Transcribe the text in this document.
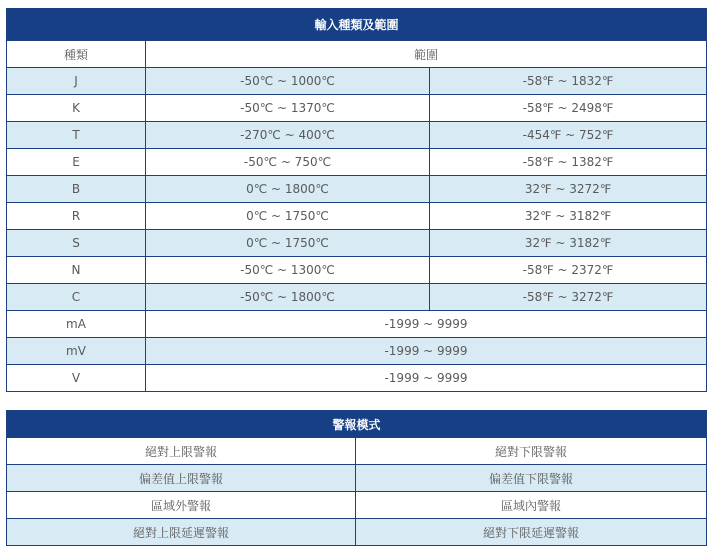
輸入種類及範圍		
種類	範圍	
J	-50℃ ~ 1000℃	-58℉ ~ 1832℉
K	-50℃ ~ 1370℃	-58℉ ~ 2498℉
T	-270℃ ~ 400℃	-454℉ ~ 752℉
E	-50℃ ~ 750℃	-58℉ ~ 1382℉
B	0℃ ~ 1800℃	32℉ ~ 3272℉
R	0℃ ~ 1750℃	32℉ ~ 3182℉
S	0℃ ~ 1750℃	32℉ ~ 3182℉
N	-50℃ ~ 1300℃	-58℉ ~ 2372℉
C	-50℃ ~ 1800℃	-58℉ ~ 3272℉
mA	-1999 ~ 9999	
mV	-1999 ~ 9999	
V	-1999 ~ 9999	
警報模式	
絕對上限警報	絕對下限警報
偏差值上限警報	偏差值下限警報
區域外警報	區域內警報
絕對上限延遲警報	絕對下限延遲警報
